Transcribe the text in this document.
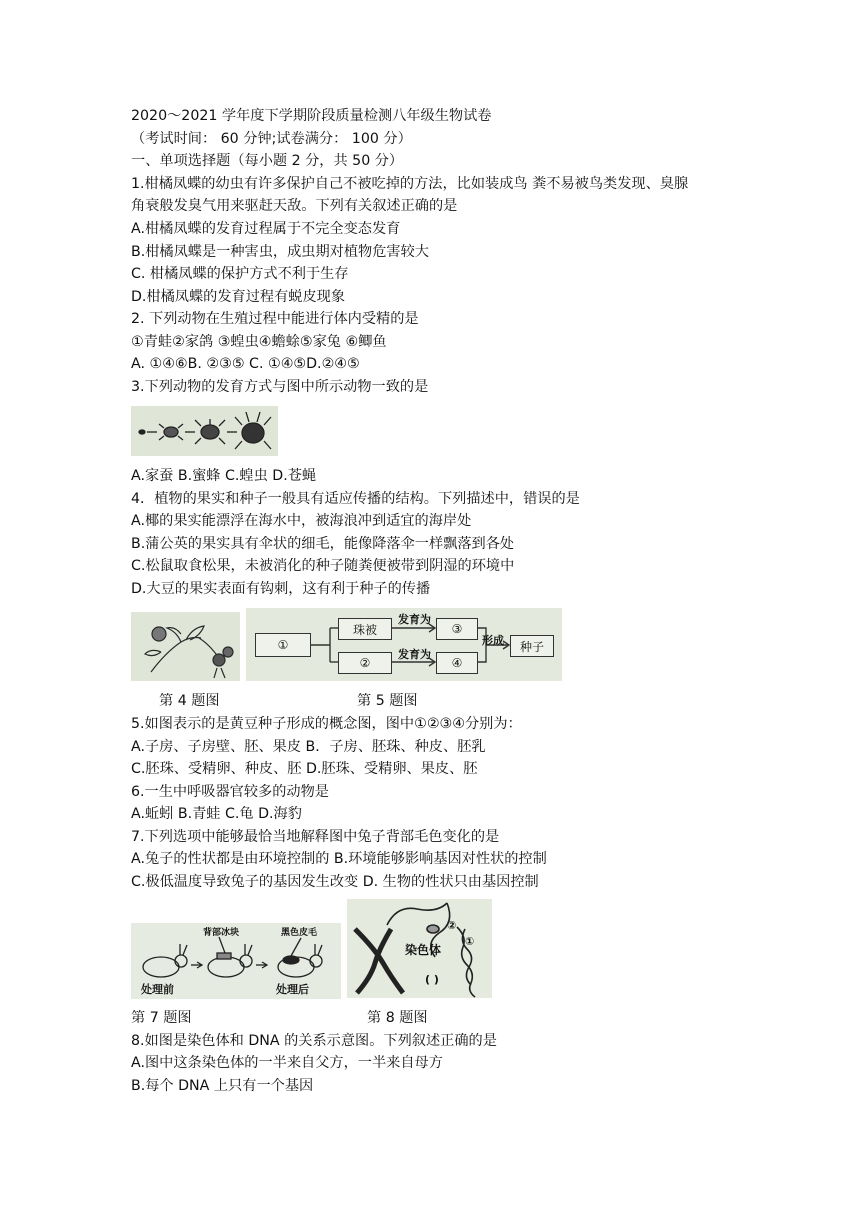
2020～2021 学年度下学期阶段质量检测八年级生物试卷
（考试时间： 60 分钟;试卷满分： 100 分）
一、单项选择题（每小题 2 分，共 50 分）
1.柑橘凤蝶的幼虫有许多保护自己不被吃掉的方法，比如装成鸟 粪不易被鸟类发现、臭腺
角衰般发臭气用来驱赶天敌。下列有关叙述正确的是
A.柑橘凤蝶的发育过程属于不完全变态发育
B.柑橘凤蝶是一种害虫，成虫期对植物危害较大
C. 柑橘凤蝶的保护方式不利于生存
D.柑橘凤蝶的发育过程有蜕皮现象
2. 下列动物在生殖过程中能进行体内受精的是
①青蛙②家鸽 ③蝗虫④蟾蜍⑤家兔 ⑥鲫鱼
A. ①④⑥B. ②③⑤ C. ①④⑤D.②④⑤
3.下列动物的发育方式与图中所示动物一致的是
A.家蚕 B.蜜蜂 C.蝗虫 D.苍蝇
4．植物的果实和种子一般具有适应传播的结构。下列描述中，错误的是
A.椰的果实能漂浮在海水中，被海浪冲到适宜的海岸处
B.蒲公英的果实具有伞状的细毛，能像降落伞一样飘落到各处
C.松鼠取食松果，未被消化的种子随粪便被带到阴湿的环境中
D.大豆的果实表面有钩刺，这有利于种子的传播
①
珠被
②
发育为
发育为
③
④
形成	种子
第 4 题图	第 5 题图
5.如图表示的是黄豆种子形成的概念图，图中①②③④分别为：
A.子房、子房壁、胚、果皮 B．子房、胚珠、种皮、胚乳
C.胚珠、受精卵、种皮、胚 D.胚珠、受精卵、果皮、胚
6.一生中呼吸器官较多的动物是
A.蚯蚓 B.青蛙 C.龟 D.海豹
7.下列选项中能够最恰当地解释图中兔子背部毛色变化的是
A.兔子的性状都是由环境控制的 B.环境能够影响基因对性状的控制
C.极低温度导致兔子的基因发生改变 D. 生物的性状只由基因控制
背部冰块	黑色皮毛
处理前	处理后
染色体
②
①
( )
第 7 题图	第 8 题图
8.如图是染色体和 DNA 的关系示意图。下列叙述正确的是
A.图中这条染色体的一半来自父方，一半来自母方
B.每个 DNA 上只有一个基因
